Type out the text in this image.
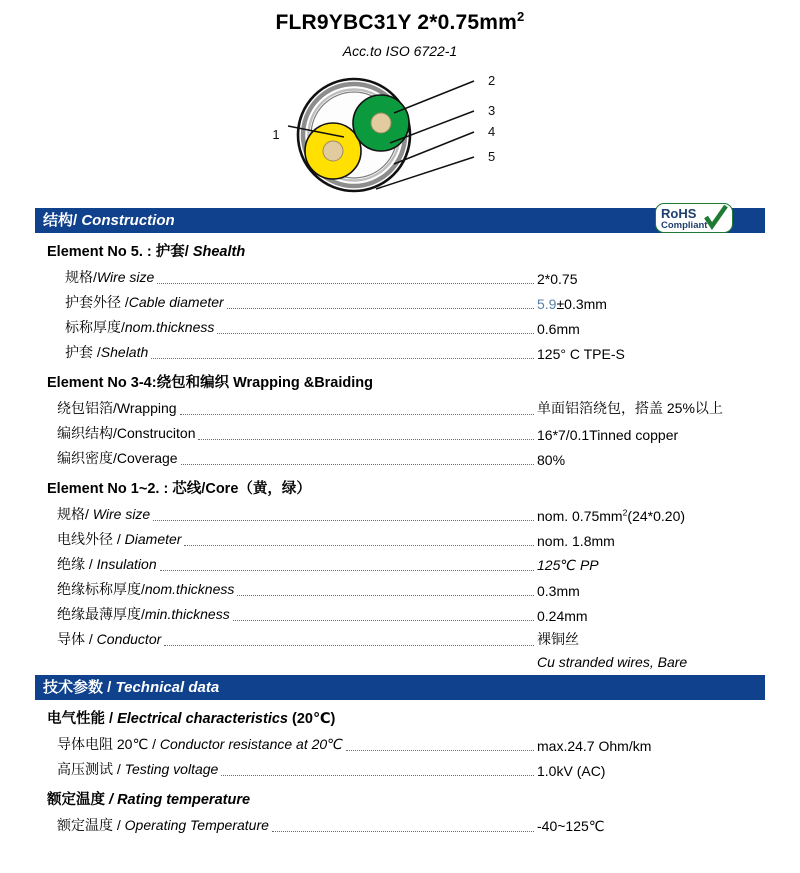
FLR9YBC31Y $2*0.75mm^2$
Acc.to ISO 6722-1
1
2
3
4
5
RoHS
Compliant
结构/ Construction
Element No 5. : 护套/ Shealth
规格/Wire size	2*0.75
护套外径 /Cable diameter	5.9±0.3mm
标称厚度/nom.thickness	0.6mm
护套 /Shelath	125° C TPE-S
Element No 3-4:绕包和编织 Wrapping &Braiding
绕包铝箔/Wrapping	单面铝箔绕包，搭盖 25%以上
编织结构/Construciton	16*7/0.1Tinned copper
编织密度/Coverage	80%
Element No 1~2. : 芯线/Core（黄，绿）
规格/ Wire size	nom. $0.75mm^2(24*0.20)$
电线外径 / Diameter	nom. 1.8mm
绝缘 / Insulation	125℃ PP
绝缘标称厚度/nom.thickness	0.3mm
绝缘最薄厚度/min.thickness	0.24mm
导体 / Conductor	裸铜丝
Cu stranded wires, Bare
技术参数 / Technical data
电气性能 / Electrical characteristics (20℃)
导体电阻 20℃ / Conductor resistance at 20℃	max.24.7 Ohm/km
高压测试 / Testing voltage	1.0kV (AC)
额定温度 / Rating temperature
额定温度 / Operating Temperature	-40~125℃
